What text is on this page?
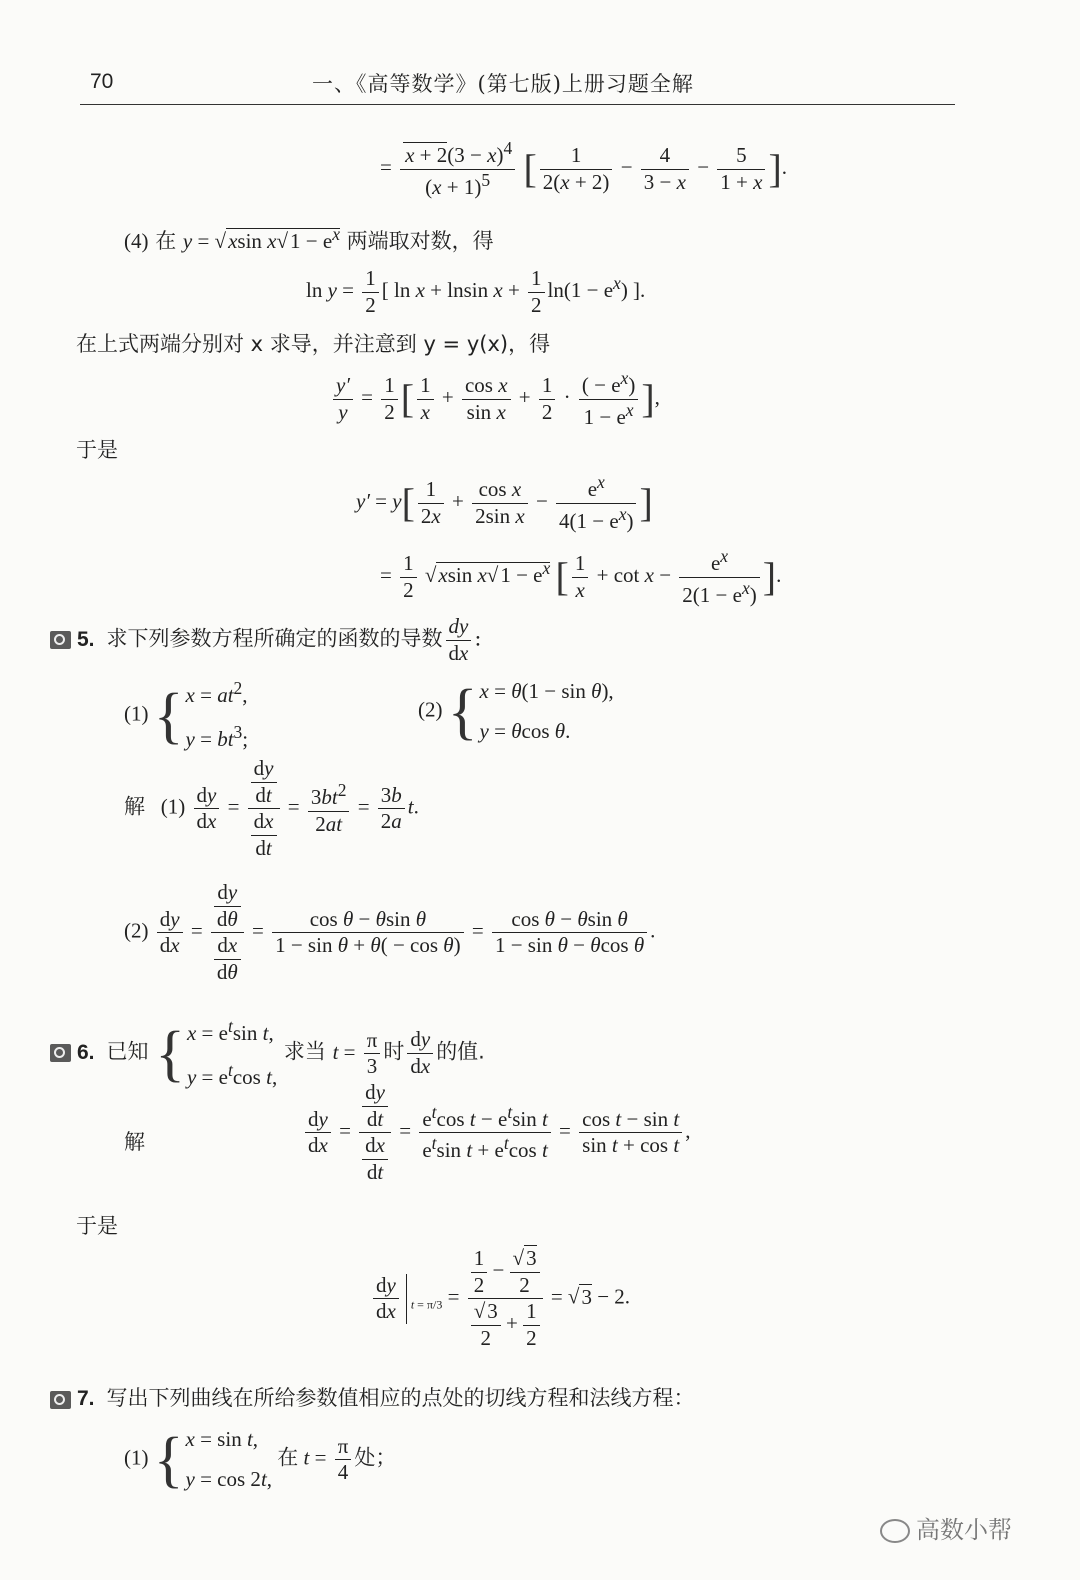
70	一、《高等数学》(第七版)上册习题全解
= $\frac{x + 2(3 - x)^4}{(x + 1)^5}$ [ $\frac{1}{2(x + 2)} - \frac{4}{3 - x} - \frac{5}{1 + x}$ ].
(4) 在 y = √xsin $x√1 - e^x$ 两端取对数，得
$\ln y = \frac{1}{2}$ [ ln x + lnsin $x + \frac{1}{2} \ln(1 - e^x)$ ].
在上式两端分别对 x 求导，并注意到 y = y(x)，得
$\frac{y'}{y} = \frac{1}{2}$ [ $\frac{1}{x} + \frac{\text{cos x}}{\text{sin x}} + \frac{1}{2} \cdot \frac{( - e^x)}{1 - e^x}$ ],
于是
$y' = y[ \frac{1}{2x} + \frac{\text{cos x}}{\text{2sin x}} - \frac{e^x}{4(1 - e^x)}$ ]
= $\frac{1}{2} √xsin$ $x√1 - e^x$ [ $\frac{1}{x} + \cot x - \frac{e^x}{2(1 - e^x)}$ ].
5. 求下列参数方程所确定的函数的导数 $\frac{dy}{dx}$ :
(1) {$x = at^2$,
$y = bt^3$;
(2) {x = θ(1 − sin θ),
y = θcos θ.
解 $(1) \frac{dy}{dx} = \frac{\frac{dy}{dt}}{\frac{dx}{dt}} = \frac{3bt^2}{2at} = \frac{3b}{2a} t$.
$(2) \frac{dy}{dx} = \frac{\frac{dy}{d\theta}}{\frac{dx}{d\theta}} = \frac{\text{cos θ − θsin θ}}{\text{1 − sin θ + θ( − cos θ)}} = \frac{\text{cos θ − θsin θ}}{\text{1 − sin θ − θcos θ}}$ .
6. 已知 {$x = e^t\sin$ t,
$y = e^t\cos$ t, 求当 $t = \frac{\pi}{3}$ 时 $\frac{dy}{dx}$ 的值.
解	$\frac{dy}{dx} = \frac{\frac{dy}{dt}}{\frac{dx}{dt}} = \frac{e^t\cos t - e^t\sin t}{e^t\sin t + e^t\cos t} = \frac{\text{cos t − sin t}}{\text{sin t + cos t}}$ ,
于是
$\frac{dy}{dx} _{t = \pi/3} = \frac{\frac{1}{2} - \frac{√3}{2}}{\frac{√3}{2} + \frac{1}{2}} = √3 - 2$.
7. 写出下列曲线在所给参数值相应的点处的切线方程和法线方程：
(1) {x = sin t,
y = cos 2t, 在 $t = \frac{\pi}{4}$ 处；
高数小帮
